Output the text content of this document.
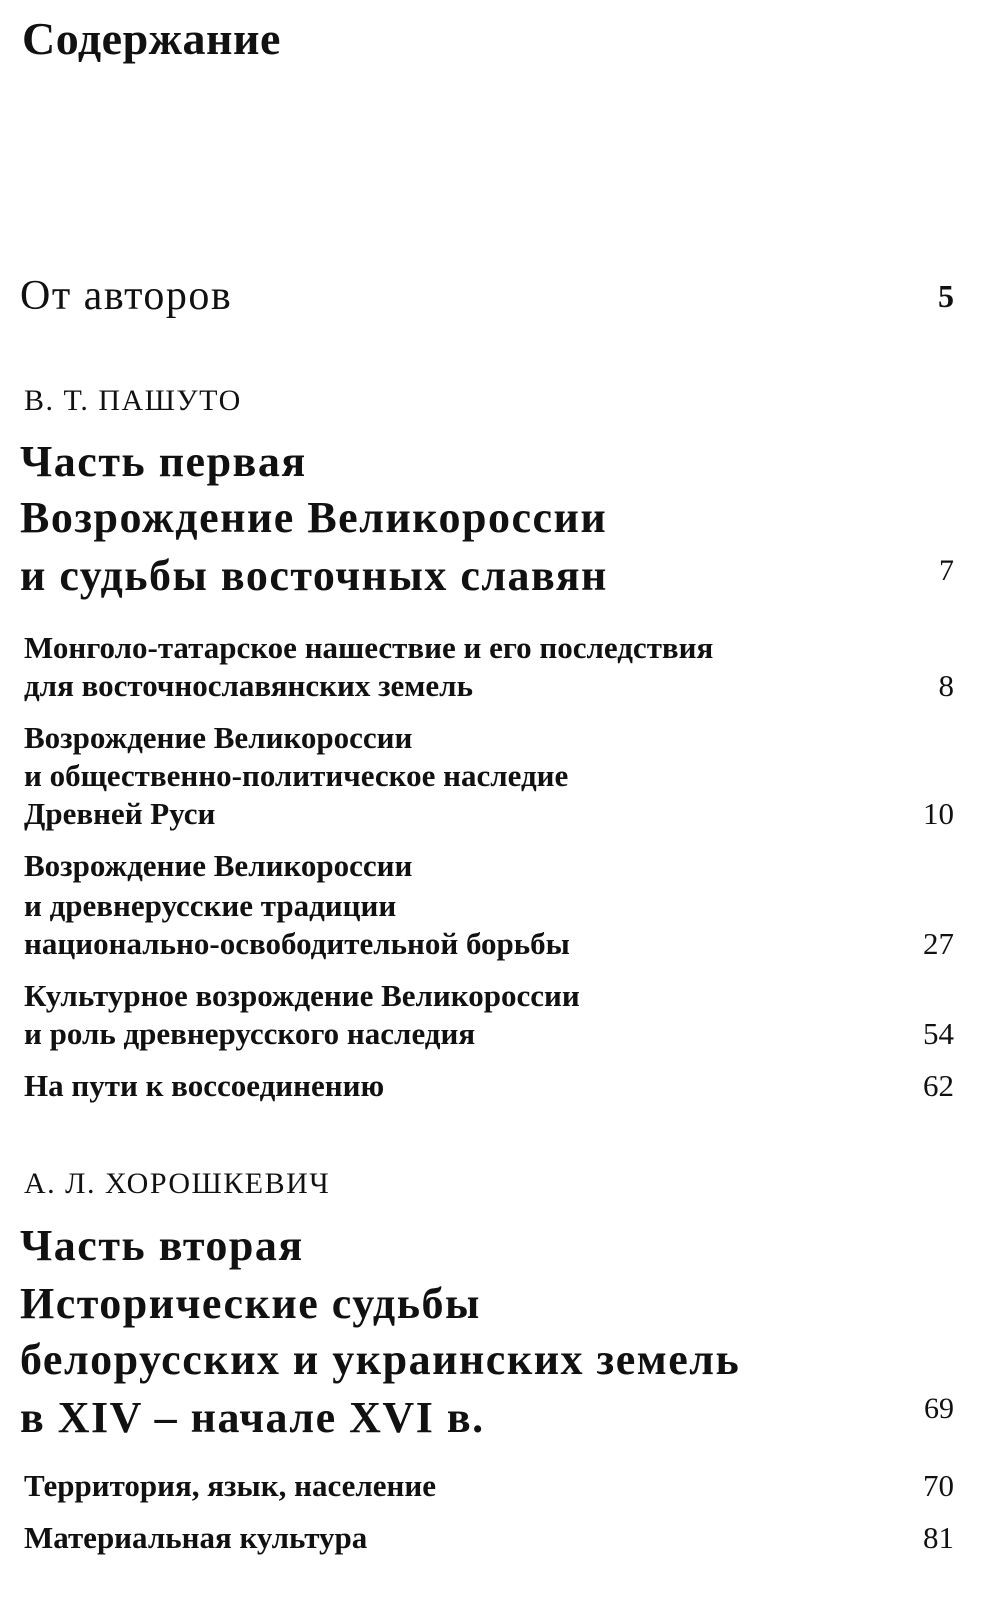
Содержание
От авторов	5
В. Т. ПАШУТО
Часть первая
Возрождение Великороссии
и судьбы восточных славян	7
Монголо-татарское нашествие и его последствия
для восточнославянских земель	8
Возрождение Великороссии
и общественно-политическое наследие
Древней Руси	10
Возрождение Великороссии
и древнерусские традиции
национально-освободительной борьбы	27
Культурное возрождение Великороссии
и роль древнерусского наследия	54
На пути к воссоединению	62
А. Л. ХОРОШКЕВИЧ
Часть вторая
Исторические судьбы
белорусских и украинских земель
в XIV – начале XVI в.	69
Территория, язык, население	70
Материальная культура	81
